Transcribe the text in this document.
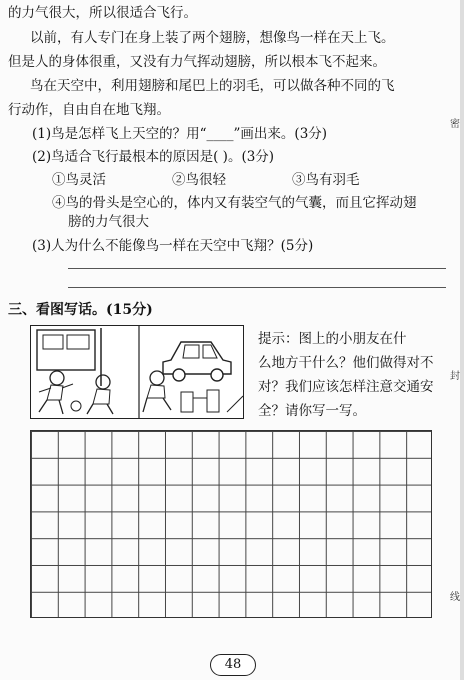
的力气很大，所以很适合飞行。
以前，有人专门在身上装了两个翅膀，想像鸟一样在天上飞。
但是人的身体很重，又没有力气挥动翅膀，所以根本飞不起来。
鸟在天空中，利用翅膀和尾巴上的羽毛，可以做各种不同的飞
行动作，自由自在地飞翔。
(1)鸟是怎样飞上天空的？用“____”画出来。(3分)
(2)鸟适合飞行最根本的原因是( )。(3分)
①鸟灵活	②鸟很轻	③鸟有羽毛
④鸟的骨头是空心的，体内又有装空气的气囊，而且它挥动翅
膀的力气很大
(3)人为什么不能像鸟一样在天空中飞翔？(5分)
三、看图写话。(15分)
提示：图上的小朋友在什
么地方干什么？他们做得对不
对？我们应该怎样注意交通安
全？请你写一写。
48
密
封
线
